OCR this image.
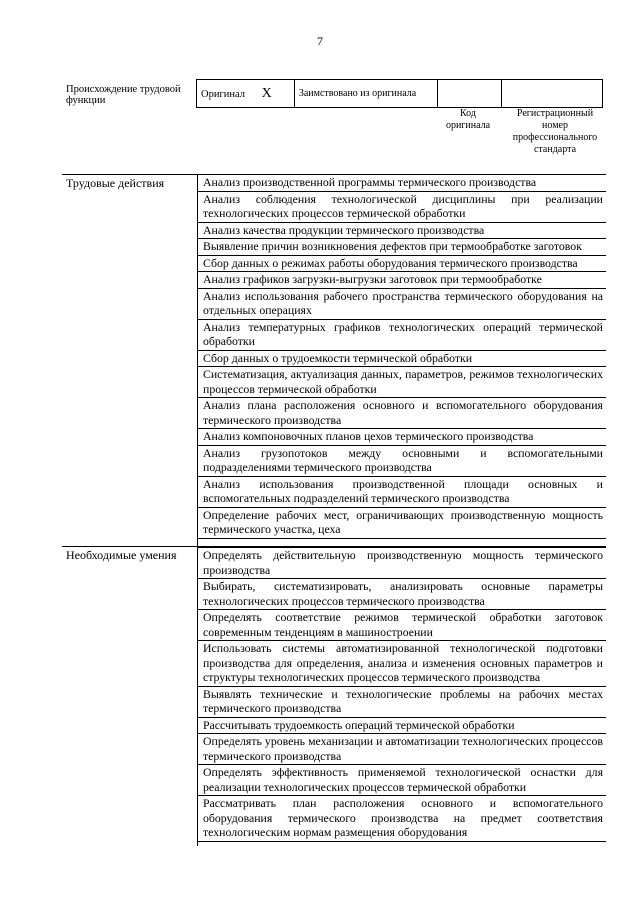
7
Происхождение трудовой функции
Оригинал X	Заимствовано из оригинала		
Код оригинала
Регистрационный номер профессионального стандарта
Трудовые действия	Анализ производственной программы термического производства
Анализ соблюдения технологической дисциплины при реализации технологических процессов термической обработки
Анализ качества продукции термического производства
Выявление причин возникновения дефектов при термообработке заготовок
Сбор данных о режимах работы оборудования термического производства
Анализ графиков загрузки-выгрузки заготовок при термообработке
Анализ использования рабочего пространства термического оборудования на отдельных операциях
Анализ температурных графиков технологических операций термической обработки
Сбор данных о трудоемкости термической обработки
Систематизация, актуализация данных, параметров, режимов технологических процессов термической обработки
Анализ плана расположения основного и вспомогательного оборудования термического производства
Анализ компоновочных планов цехов термического производства
Анализ грузопотоков между основными и вспомогательными подразделениями термического производства
Анализ использования производственной площади основных и вспомогательных подразделений термического производства
Определение рабочих мест, ограничивающих производственную мощность термического участка, цеха
Необходимые умения	Определять действительную производственную мощность термического производства
Выбирать, систематизировать, анализировать основные параметры технологических процессов термического производства
Определять соответствие режимов термической обработки заготовок современным тенденциям в машиностроении
Использовать системы автоматизированной технологической подготовки производства для определения, анализа и изменения основных параметров и структуры технологических процессов термического производства
Выявлять технические и технологические проблемы на рабочих местах термического производства
Рассчитывать трудоемкость операций термической обработки
Определять уровень механизации и автоматизации технологических процессов термического производства
Определять эффективность применяемой технологической оснастки для реализации технологических процессов термической обработки
Рассматривать план расположения основного и вспомогательного оборудования термического производства на предмет соответствия технологическим нормам размещения оборудования
